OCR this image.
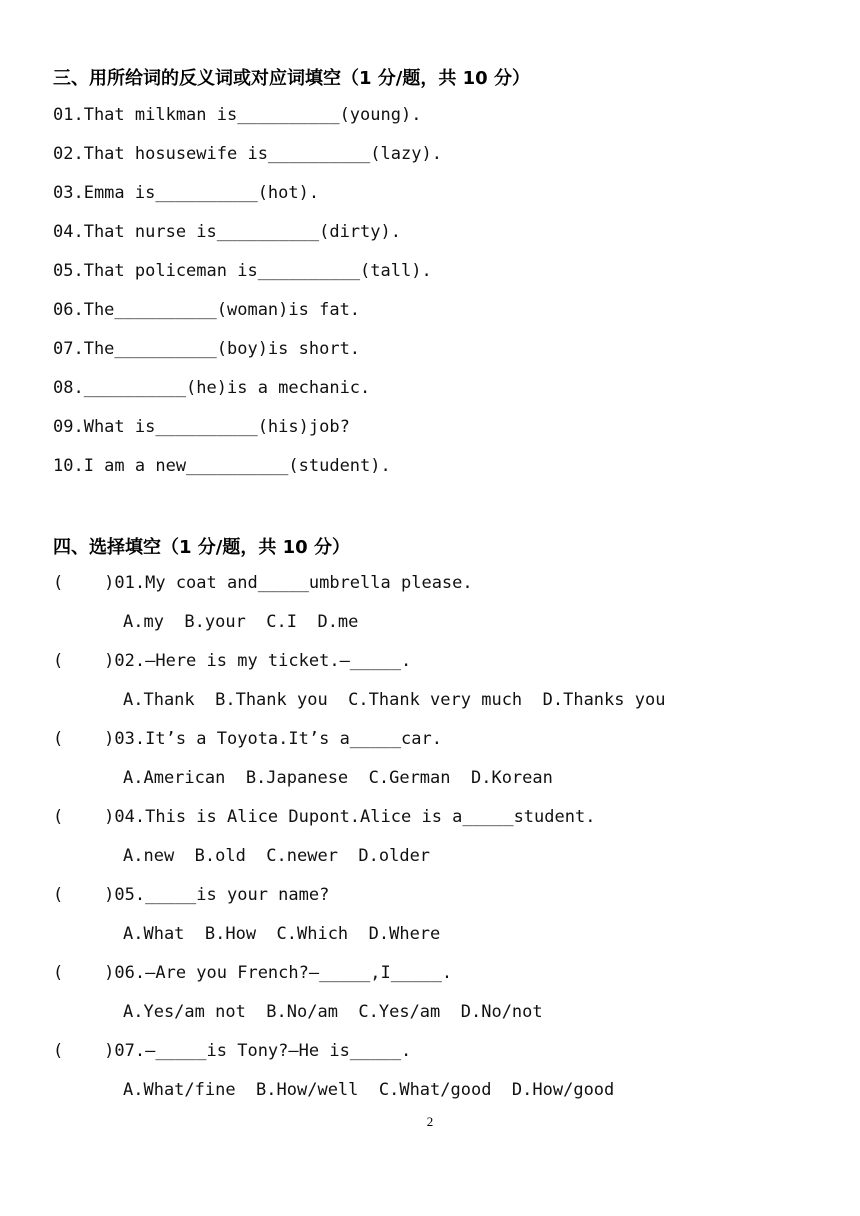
三、用所给词的反义词或对应词填空（1 分/题，共 10 分）
01.That milkman is__________(young).
02.That hosusewife is__________(lazy).
03.Emma is__________(hot).
04.That nurse is__________(dirty).
05.That policeman is__________(tall).
06.The__________(woman)is fat.
07.The__________(boy)is short.
08.__________(he)is a mechanic.
09.What is__________(his)job?
10.I am a new__________(student).
四、选择填空（1 分/题，共 10 分）
(    )01.My coat and_____umbrella please.
A.my  B.your  C.I  D.me
(    )02.—Here is my ticket.—_____.
A.Thank  B.Thank you  C.Thank very much  D.Thanks you
(    )03.It’s a Toyota.It’s a_____car.
A.American  B.Japanese  C.German  D.Korean
(    )04.This is Alice Dupont.Alice is a_____student.
A.new  B.old  C.newer  D.older
(    )05._____is your name?
A.What  B.How  C.Which  D.Where
(    )06.—Are you French?—_____,I_____.
A.Yes/am not  B.No/am  C.Yes/am  D.No/not
(    )07.—_____is Tony?—He is_____.
A.What/fine  B.How/well  C.What/good  D.How/good
2
